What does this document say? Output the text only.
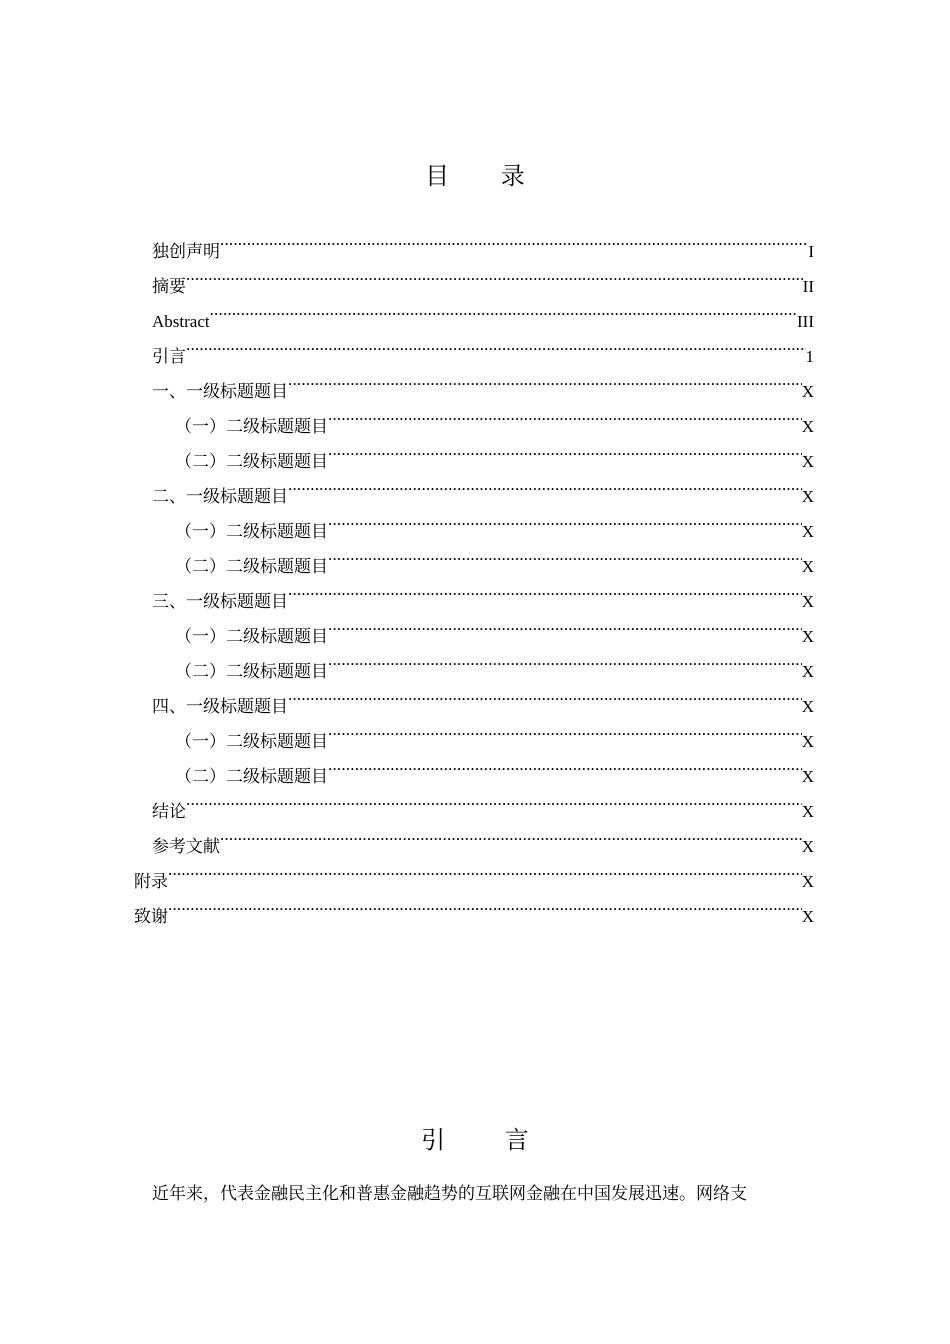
目 录
独创声明 .....	I
摘要 .....	II
Abstract .....	III
引言 .....	1
一、一级标题题目 .....	X
（一）二级标题题目 .....	X
（二）二级标题题目 .....	X
二、一级标题题目 .....	X
（一）二级标题题目 .....	X
（二）二级标题题目 .....	X
三、一级标题题目 .....	X
（一）二级标题题目 .....	X
（二）二级标题题目 .....	X
四、一级标题题目 .....	X
（一）二级标题题目 .....	X
（二）二级标题题目 .....	X
结论 .....	X
参考文献 .....	X
附录 .....	X
致谢 .....	X
引 言
近年来，代表金融民主化和普惠金融趋势的互联网金融在中国发展迅速。网络支
